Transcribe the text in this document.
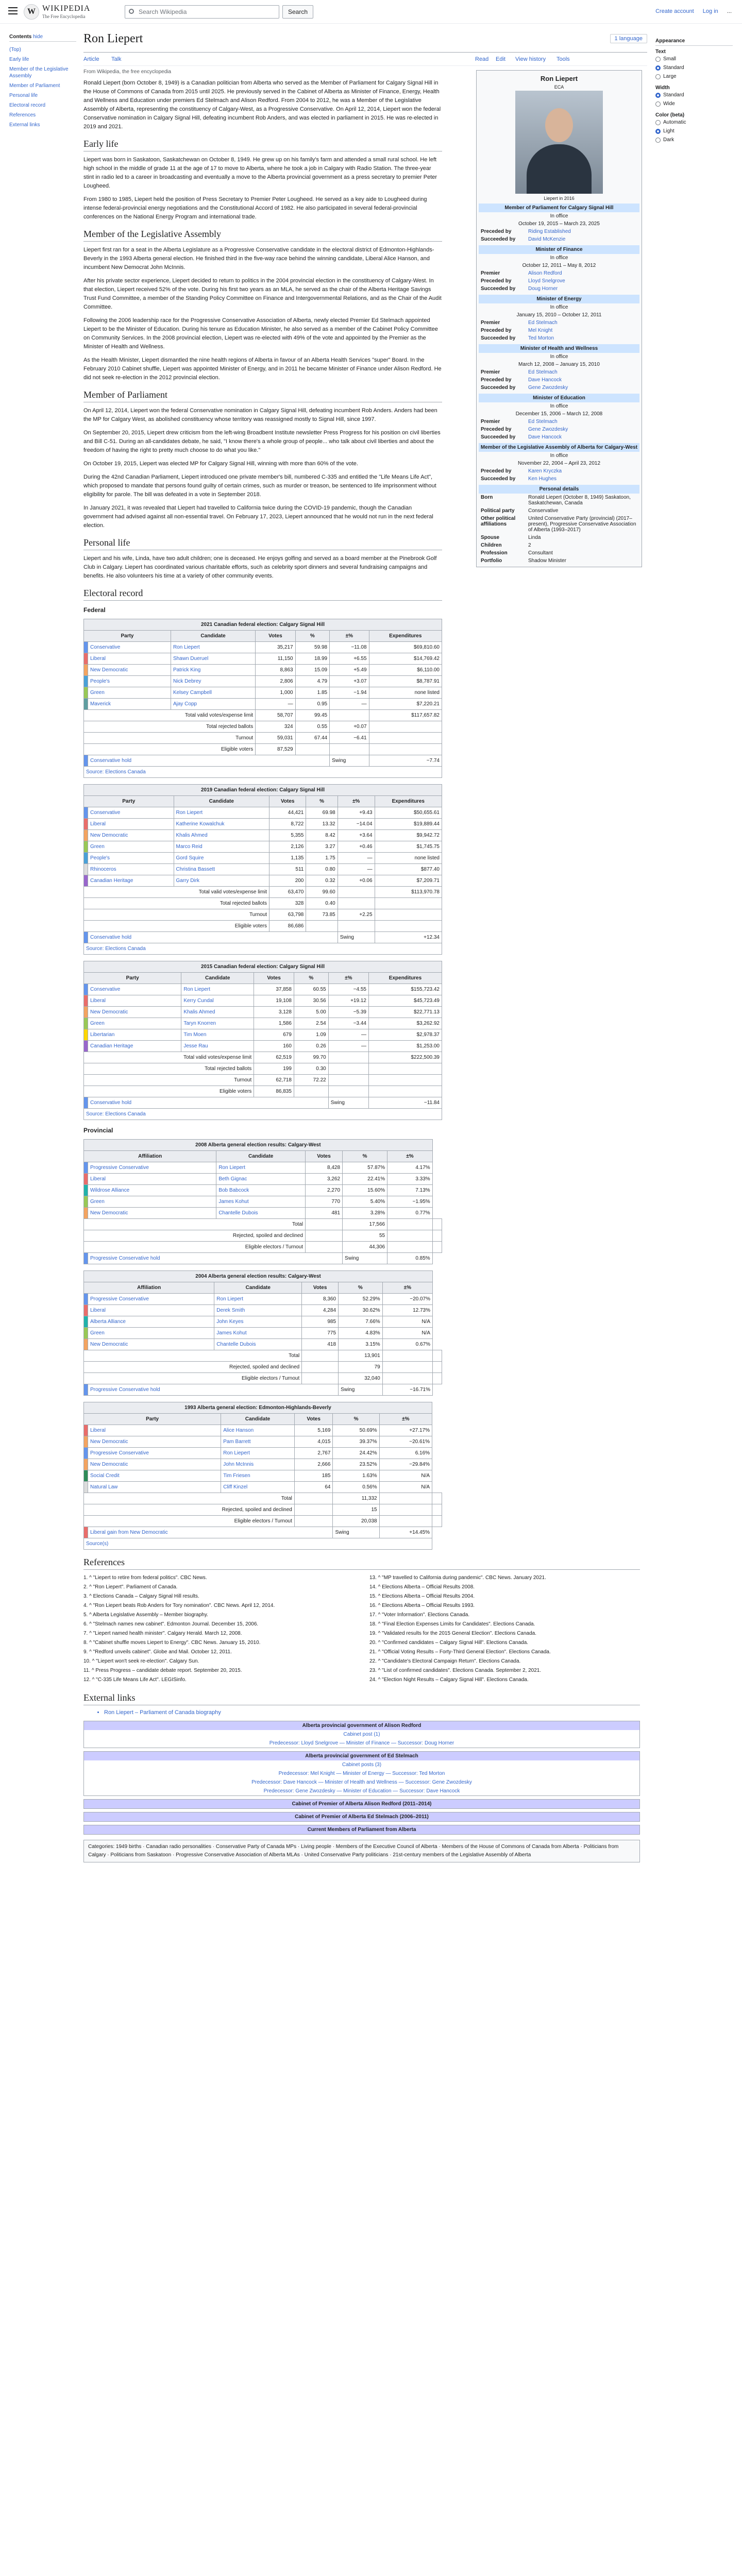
W WIKIPEDIA
The Free Encyclopedia
Search Wikipedia	Search	Create account Log in ...
Contents hide
(Top)
Early life
Member of the Legislative Assembly
Member of Parliament
Personal life
Electoral record
References
External links
Appearance
Text
Small
Standard
Large
Width
Standard
Wide
Color (beta)
Automatic
Light
Dark
Ron Liepert	1 language
Article Talk	Read Edit View history Tools
From Wikipedia, the free encyclopedia
Ron Liepert
ECA
Liepert in 2016
Member of Parliament for Calgary Signal Hill
In office
October 19, 2015 – March 23, 2025
Preceded by	Riding Established
Succeeded by	David McKenzie
Minister of Finance
In office
October 12, 2011 – May 8, 2012
Premier	Alison Redford
Preceded by	Lloyd Snelgrove
Succeeded by	Doug Horner
Minister of Energy
In office
January 15, 2010 – October 12, 2011
Premier	Ed Stelmach
Preceded by	Mel Knight
Succeeded by	Ted Morton
Minister of Health and Wellness
In office
March 12, 2008 – January 15, 2010
Premier	Ed Stelmach
Preceded by	Dave Hancock
Succeeded by	Gene Zwozdesky
Minister of Education
In office
December 15, 2006 – March 12, 2008
Premier	Ed Stelmach
Preceded by	Gene Zwozdesky
Succeeded by	Dave Hancock
Member of the Legislative Assembly of Alberta for Calgary-West
In office
November 22, 2004 – April 23, 2012
Preceded by	Karen Kryczka
Succeeded by	Ken Hughes
Personal details
Born	Ronald Liepert (October 8, 1949) Saskatoon, Saskatchewan, Canada
Political party	Conservative
Other political affiliations
United Conservative Party (provincial) (2017–present), Progressive Conservative Association of Alberta (1993–2017)
Spouse	Linda
Children	2
Profession	Consultant
Portfolio	Shadow Minister

Ronald Liepert (born October 8, 1949) is a Canadian politician from Alberta who served as the Member of Parliament for Calgary Signal Hill in the House of Commons of Canada from 2015 until 2025. He previously served in the Cabinet of Alberta as Minister of Finance, Energy, Health and Wellness and Education under premiers Ed Stelmach and Alison Redford. From 2004 to 2012, he was a Member of the Legislative Assembly of Alberta, representing the constituency of Calgary-West, as a Progressive Conservative. On April 12, 2014, Liepert won the federal Conservative nomination in Calgary Signal Hill, defeating incumbent Rob Anders, and was elected in parliament in 2015. He was re-elected in 2019 and 2021.

Early life

Liepert was born in Saskatoon, Saskatchewan on October 8, 1949. He grew up on his family's farm and attended a small rural school. He left high school in the middle of grade 11 at the age of 17 to move to Alberta, where he took a job in Calgary with Radio Station. The three-year stint in radio led to a career in broadcasting and eventually a move to the Alberta provincial government as a press secretary to premier Peter Lougheed.

From 1980 to 1985, Liepert held the position of Press Secretary to Premier Peter Lougheed. He served as a key aide to Lougheed during intense federal-provincial energy negotiations and the Constitutional Accord of 1982. He also participated in several federal-provincial conferences on the National Energy Program and international trade.

Member of the Legislative Assembly

Liepert first ran for a seat in the Alberta Legislature as a Progressive Conservative candidate in the electoral district of Edmonton-Highlands-Beverly in the 1993 Alberta general election. He finished third in the five-way race behind the winning candidate, Liberal Alice Hanson, and incumbent New Democrat John McInnis.

After his private sector experience, Liepert decided to return to politics in the 2004 provincial election in the constituency of Calgary-West. In that election, Liepert received 52% of the vote. During his first two years as an MLA, he served as the chair of the Alberta Heritage Savings Trust Fund Committee, a member of the Standing Policy Committee on Finance and Intergovernmental Relations, and as the Chair of the Audit Committee.

Following the 2006 leadership race for the Progressive Conservative Association of Alberta, newly elected Premier Ed Stelmach appointed Liepert to be the Minister of Education. During his tenure as Education Minister, he also served as a member of the Cabinet Policy Committee on Community Services. In the 2008 provincial election, Liepert was re-elected with 49% of the vote and appointed by the Premier as the Minister of Health and Wellness.

As the Health Minister, Liepert dismantled the nine health regions of Alberta in favour of an Alberta Health Services "super" Board. In the February 2010 Cabinet shuffle, Liepert was appointed Minister of Energy, and in 2011 he became Minister of Finance under Alison Redford. He did not seek re-election in the 2012 provincial election.

Member of Parliament

On April 12, 2014, Liepert won the federal Conservative nomination in Calgary Signal Hill, defeating incumbent Rob Anders. Anders had been the MP for Calgary West, as abolished constituency whose territory was reassigned mostly to Signal Hill, since 1997.

On September 20, 2015, Liepert drew criticism from the left-wing Broadbent Institute newsletter Press Progress for his position on civil liberties and Bill C-51. During an all-candidates debate, he said, "I know there's a whole group of people... who talk about civil liberties and about the freedom of having the right to pretty much choose to do what you like."

On October 19, 2015, Liepert was elected MP for Calgary Signal Hill, winning with more than 60% of the vote.

During the 42nd Canadian Parliament, Liepert introduced one private member's bill, numbered C-335 and entitled the "Life Means Life Act", which proposed to mandate that persons found guilty of certain crimes, such as murder or treason, be sentenced to life imprisonment without eligibility for parole. The bill was defeated in a vote in September 2018.

In January 2021, it was revealed that Liepert had travelled to California twice during the COVID-19 pandemic, though the Canadian government had advised against all non-essential travel. On February 17, 2023, Liepert announced that he would not run in the next federal election.

Personal life

Liepert and his wife, Linda, have two adult children; one is deceased. He enjoys golfing and served as a board member at the Pinebrook Golf Club in Calgary. Liepert has coordinated various charitable efforts, such as celebrity sport dinners and several fundraising campaigns and benefits. He also volunteers his time at a variety of other community events.

Electoral record
Federal
2021 Canadian federal election: Calgary Signal Hill						
Party		Candidate	Votes	%	±%	Expenditures
	Conservative	Ron Liepert	35,217	59.98	−11.08	$69,810.60
	Liberal	Shawn Dueruel	11,150	18.99	+6.55	$14,769.42
	New Democratic	Patrick King	8,863	15.09	+5.49	$6,110.00
	People's	Nick Debrey	2,806	4.79	+3.07	$8,787.91
	Green	Kelsey Campbell	1,000	1.85	−1.94	none listed
	Maverick	Ajay Copp	—	0.95	—	$7,220.21
Total valid votes/expense limit			58,707	99.45		$117,657.82
Total rejected ballots			324	0.55	+0.07	
Turnout			59,031	67.44	−6.41	
Eligible voters			87,529			
	Conservative hold				Swing	−7.74
Source: Elections Canada						
2019 Canadian federal election: Calgary Signal Hill						
Party		Candidate	Votes	%	±%	Expenditures
	Conservative	Ron Liepert	44,421	69.98	+9.43	$50,655.61
	Liberal	Katherine Kowalchuk	8,722	13.32	−14.04	$19,889.44
	New Democratic	Khalis Ahmed	5,355	8.42	+3.64	$9,942.72
	Green	Marco Reid	2,126	3.27	+0.46	$1,745.75
	People's	Gord Squire	1,135	1.75	—	none listed
	Rhinoceros	Christina Bassett	511	0.80	—	$877.40
	Canadian Heritage	Garry Dirk	200	0.32	+0.06	$7,209.71
Total valid votes/expense limit			63,470	99.60		$113,970.78
Total rejected ballots			328	0.40		
Turnout			63,798	73.85	+2.25	
Eligible voters			86,686			
	Conservative hold				Swing	+12.34
Source: Elections Canada						
2015 Canadian federal election: Calgary Signal Hill						
Party		Candidate	Votes	%	±%	Expenditures
	Conservative	Ron Liepert	37,858	60.55	−4.55	$155,723.42
	Liberal	Kerry Cundal	19,108	30.56	+19.12	$45,723.49
	New Democratic	Khalis Ahmed	3,128	5.00	−5.39	$22,771.13
	Green	Taryn Knorren	1,586	2.54	−3.44	$3,262.92
	Libertarian	Tim Moen	679	1.09	—	$2,978.37
	Canadian Heritage	Jesse Rau	160	0.26	—	$1,253.00
Total valid votes/expense limit			62,519	99.70		$222,500.39
Total rejected ballots			199	0.30		
Turnout			62,718	72.22		
Eligible voters			86,835			
	Conservative hold				Swing	−11.84
Source: Elections Canada						
Provincial
2008 Alberta general election results: Calgary-West						
Affiliation		Candidate	Votes	%	±%	
	Progressive Conservative	Ron Liepert	8,428	57.87%	4.17%	
	Liberal	Beth Gignac	3,262	22.41%	3.33%	
	Wildrose Alliance	Bob Babcock	2,270	15.60%	7.13%	
	Green	James Kohut	770	5.40%	−1.95%	
	New Democratic	Chantelle Dubois	481	3.28%	0.77%	
Total				17,566		
Rejected, spoiled and declined				55		
Eligible electors / Turnout				44,306		
	Progressive Conservative hold			Swing	0.85%	
2004 Alberta general election results: Calgary-West						
Affiliation		Candidate	Votes	%	±%	
	Progressive Conservative	Ron Liepert	8,360	52.29%	−20.07%	
	Liberal	Derek Smith	4,284	30.62%	12.73%	
	Alberta Alliance	John Keyes	985	7.66%	N/A	
	Green	James Kohut	775	4.83%	N/A	
	New Democratic	Chantelle Dubois	418	3.15%	0.67%	
Total				13,901		
Rejected, spoiled and declined				79		
Eligible electors / Turnout				32,040		
	Progressive Conservative hold			Swing	−16.71%	
1993 Alberta general election: Edmonton-Highlands-Beverly						
Party		Candidate	Votes	%	±%	
	Liberal	Alice Hanson	5,169	50.69%	+27.17%	
	New Democratic	Pam Barrett	4,015	39.37%	−20.61%	
	Progressive Conservative	Ron Liepert	2,767	24.42%	6.16%	
	New Democratic	John McInnis	2,666	23.52%	−29.84%	
	Social Credit	Tim Friesen	185	1.63%	N/A	
	Natural Law	Cliff Kinzel	64	0.56%	N/A	
Total				11,332		
Rejected, spoiled and declined				15		
Eligible electors / Turnout				20,038		
	Liberal gain from New Democratic			Swing	+14.45%	
Source(s)						
References
1. ^ "Liepert to retire from federal politics". CBC News.
2. ^ "Ron Liepert". Parliament of Canada.
3. ^ Elections Canada – Calgary Signal Hill results.
4. ^ "Ron Liepert beats Rob Anders for Tory nomination". CBC News. April 12, 2014.
5. ^ Alberta Legislative Assembly – Member biography.
6. ^ "Stelmach names new cabinet". Edmonton Journal. December 15, 2006.
7. ^ "Liepert named health minister". Calgary Herald. March 12, 2008.
8. ^ "Cabinet shuffle moves Liepert to Energy". CBC News. January 15, 2010.
9. ^ "Redford unveils cabinet". Globe and Mail. October 12, 2011.
10. ^ "Liepert won't seek re-election". Calgary Sun.
11. ^ Press Progress – candidate debate report. September 20, 2015.
12. ^ "C-335 Life Means Life Act". LEGISinfo.
13. ^ "MP travelled to California during pandemic". CBC News. January 2021.
14. ^ Elections Alberta – Official Results 2008.
15. ^ Elections Alberta – Official Results 2004.
16. ^ Elections Alberta – Official Results 1993.
17. ^ "Voter Information". Elections Canada.
18. ^ "Final Election Expenses Limits for Candidates". Elections Canada.
19. ^ "Validated results for the 2015 General Election". Elections Canada.
20. ^ "Confirmed candidates – Calgary Signal Hill". Elections Canada.
21. ^ "Official Voting Results – Forty-Third General Election". Elections Canada.
22. ^ "Candidate's Electoral Campaign Return". Elections Canada.
23. ^ "List of confirmed candidates". Elections Canada. September 2, 2021.
24. ^ "Election Night Results – Calgary Signal Hill". Elections Canada.
External links
• Ron Liepert – Parliament of Canada biography
Alberta provincial government of Alison Redford
Cabinet post (1)
Predecessor: Lloyd Snelgrove — Minister of Finance — Successor: Doug Horner
Alberta provincial government of Ed Stelmach
Cabinet posts (3)
Predecessor: Mel Knight — Minister of Energy — Successor: Ted Morton
Predecessor: Dave Hancock — Minister of Health and Wellness — Successor: Gene Zwozdesky
Predecessor: Gene Zwozdesky — Minister of Education — Successor: Dave Hancock
Cabinet of Premier of Alberta Alison Redford (2011–2014)
Cabinet of Premier of Alberta Ed Stelmach (2006–2011)
Current Members of Parliament from Alberta
Categories: 1949 births · Canadian radio personalities · Conservative Party of Canada MPs · Living people · Members of the Executive Council of Alberta · Members of the House of Commons of Canada from Alberta · Politicians from Calgary · Politicians from Saskatoon · Progressive Conservative Association of Alberta MLAs · United Conservative Party politicians · 21st-century members of the Legislative Assembly of Alberta
